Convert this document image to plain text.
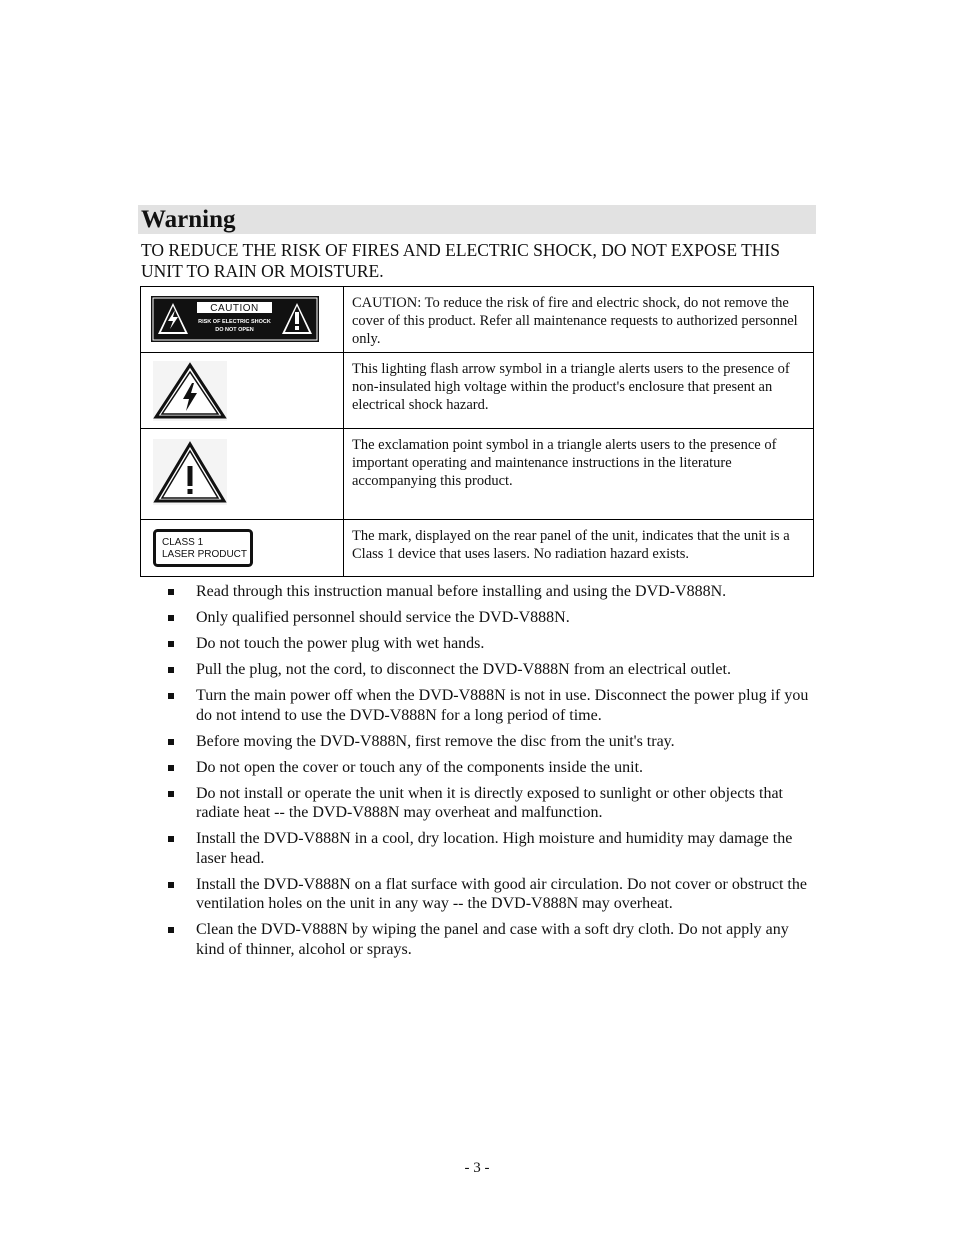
Warning
TO REDUCE THE RISK OF FIRES AND ELECTRIC SHOCK, DO NOT EXPOSE THIS UNIT TO RAIN OR MOISTURE.
CAUTION
RISK OF ELECTRIC SHOCK
DO NOT OPEN	CAUTION: To reduce the risk of fire and electric shock, do not remove the cover of this product. Refer all maintenance requests to authorized personnel only.

	This lighting flash arrow symbol in a triangle alerts users to the presence of non-insulated high voltage within the product's enclosure that present an electrical shock hazard.

	The exclamation point symbol in a triangle alerts users to the presence of important operating and maintenance instructions in the literature accompanying this product.

CLASS 1
LASER PRODUCT	The mark, displayed on the rear panel of the unit, indicates that the unit is a Class 1 device that uses lasers. No radiation hazard exists.
Read through this instruction manual before installing and using the DVD-V888N.
Only qualified personnel should service the DVD-V888N.
Do not touch the power plug with wet hands.
Pull the plug, not the cord, to disconnect the DVD-V888N from an electrical outlet.
Turn the main power off when the DVD-V888N is not in use. Disconnect the power plug if you do not intend to use the DVD-V888N for a long period of time.
Before moving the DVD-V888N, first remove the disc from the unit's tray.
Do not open the cover or touch any of the components inside the unit.
Do not install or operate the unit when it is directly exposed to sunlight or other objects that radiate heat -- the DVD-V888N may overheat and malfunction.
Install the DVD-V888N in a cool, dry location. High moisture and humidity may damage the laser head.
Install the DVD-V888N on a flat surface with good air circulation. Do not cover or obstruct the ventilation holes on the unit in any way -- the DVD-V888N may overheat.
Clean the DVD-V888N by wiping the panel and case with a soft dry cloth. Do not apply any kind of thinner, alcohol or sprays.
- 3 -
